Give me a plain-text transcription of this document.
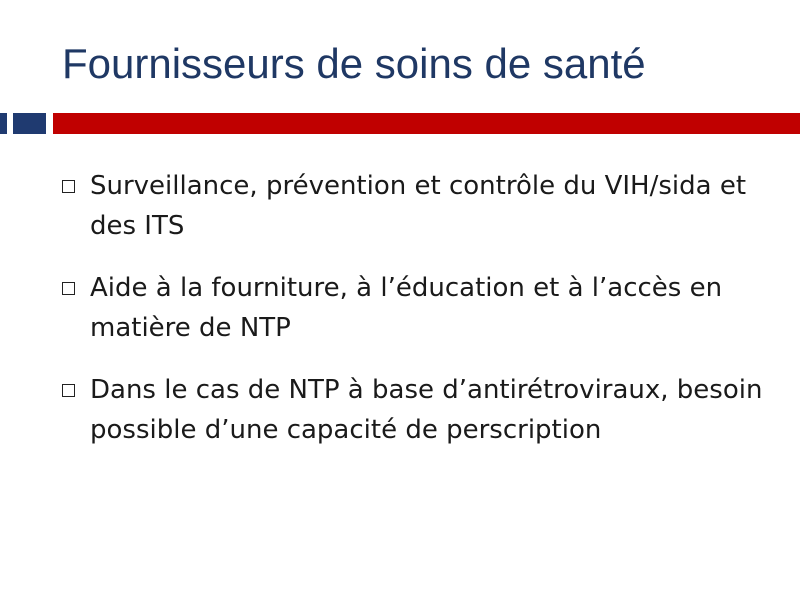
Fournisseurs de soins de santé
Surveillance, prévention et contrôle du VIH/sida et des ITS
Aide à la fourniture, à l’éducation et à l’accès en matière de NTP
Dans le cas de NTP à base d’antirétroviraux, besoin possible d’une capacité de perscription
